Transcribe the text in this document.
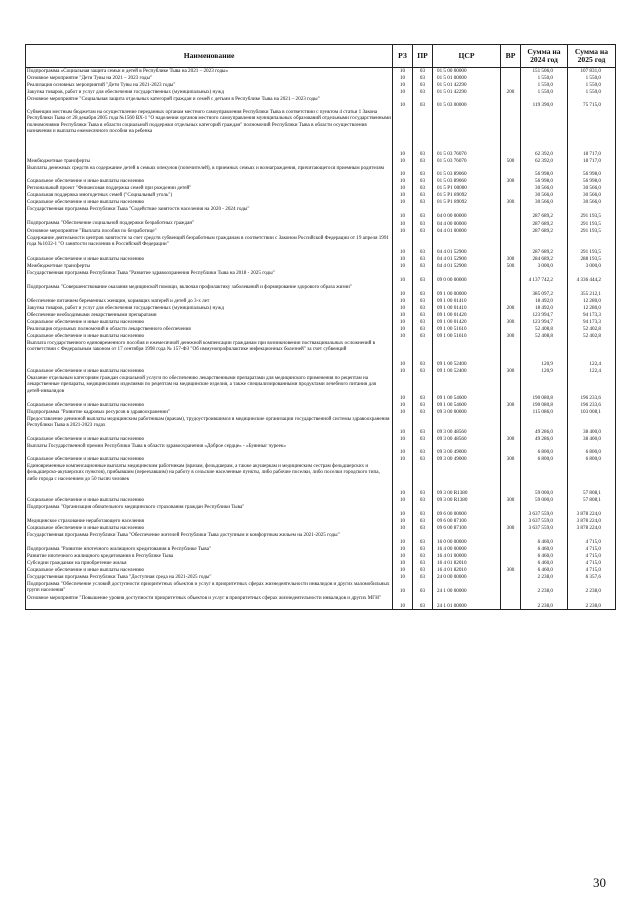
Наименование	РЗ	ПР	ЦСР	ВР	Сумма на 2024 год	Сумма на 2025 год
Подпрограмма «Социальная защита семьи и детей в Республике Тыва на 2021 – 2023 годы»	10	03	01 5 00 00000		151 506,0	107 831,0
Основное мероприятие "Дети Тувы на 2021 – 2023 годы"	10	03	01 5 01 00000		1 550,0	1 550,0
Реализация основных мероприятий "Дети Тувы на 2021-2023 годы"	10	03	01 5 01 42290		1 550,0	1 550,0
Закупка товаров, работ и услуг для обеспечения государственных (муниципальных) нужд	10	03	01 5 01 42290	200	1 550,0	1 550,0
Основное мероприятие "Социальная защита отдельных категорий граждан и семей с детьми в Республике Тыва на 2021 – 2023 годы"	10	03	01 5 03 00000		119 390,0	75 715,0
Субвенции местным бюджетам на осуществление переданных органам местного самоуправления Республики Тыва в соответствии с пунктом 4 статьи 1 Закона Республики Тыва от 28 декабря 2005 года №1560 ВХ-1 "О наделении органов местного самоуправления муниципальных образований отдельными государственными полномочиями Республики Тыва в области социальной поддержки отдельных категорий граждан" полномочий Республики Тыва в области осуществления назначения и выплаты ежемесячного пособия на ребенка	10	03	01 5 03 76070		62 392,0	18 717,0
Межбюджетные трансферты	10	03	01 5 03 76070	500	62 392,0	18 717,0
Выплаты денежных средств на содержание детей в семьях опекунов (попечителей), в приемных семьях и вознаграждения, причитающегося приемным родителям	10	03	01 5 03 89060		56 998,0	56 998,0
Социальное обеспечение и иные выплаты населению	10	03	01 5 03 89060	300	56 998,0	56 998,0
Региональный проект "Финансовая поддержка семей при рождении детей"	10	03	01 5 Р1 00000		30 566,0	30 566,0
Социальная поддержка многодетных семей ("Социальный уголь")	10	03	01 5 Р1 89092		30 566,0	30 566,0
Социальное обеспечение и иные выплаты населению	10	03	01 5 Р1 89092	300	30 566,0	30 566,0
Государственная программа Республики Тыва "Содействие занятости населения на 2020 - 2024 годы"	10	03	04 0 00 00000		287 689,2	291 193,5
Подпрограмма "Обеспечение социальной поддержки безработных граждан"	10	03	04 4 00 00000		287 689,2	291 193,5
Основное мероприятие "Выплата пособия по безработице"	10	03	04 4 01 00000		287 689,2	291 193,5
Содержание деятельности центров занятости за счет средств субвенций безработным гражданам в соответствии с Законом Российской Федерации от 19 апреля 1991 года №1032-1 "О занятости населения в Российской Федерации"	10	03	04 4 01 52900		287 689,2	291 193,5
Социальное обеспечение и иные выплаты населению	10	03	04 4 01 52900	300	284 689,2	288 193,5
Межбюджетные трансферты	10	03	04 4 01 52900	500	3 000,0	3 000,0
Государственная программа Республики Тыва "Развитие здравоохранения Республики Тыва на 2018 - 2025 годы"	10	03	09 0 00 00000		4 137 742,2	4 336 444,2
Подпрограмма "Совершенствование оказания медицинской помощи, включая профилактику заболеваний и формирование здорового образа жизни"	10	03	09 1 00 00000		385 097,2	355 212,1
Обеспечение питанием беременных женщин, кормящих матерей и детей до 3-х лет	10	03	09 1 00 01410		18 492,0	12 280,0
Закупка товаров, работ и услуг для обеспечения государственных (муниципальных) нужд	10	03	09 1 00 01410	200	18 492,0	12 280,0
Обеспечение необходимыми лекарственными препаратами	10	03	09 1 00 01420		123 994,7	94 173,3
Социальное обеспечение и иные выплаты населению	10	03	09 1 00 01420	300	123 994,7	94 173,3
Реализация отдельных полномочий в области лекарственного обеспечения	10	03	09 1 00 51610		52 408,8	52 402,8
Социальное обеспечение и иные выплаты населению	10	03	09 1 00 51610	300	52 408,8	52 402,8
Выплата государственного единовременного пособия и ежемесячной денежной компенсации гражданам при возникновении поствакцинальных осложнений в соответствии с Федеральным законом от 17 сентября 1998 года № 157-ФЗ "Об иммунопрофилактике инфекционных болезней" за счет субвенций	10	03	09 1 00 52400		120,9	122,4
Социальное обеспечение и иные выплаты населению	10	03	09 1 00 52400	300	120,9	122,4
Оказание отдельным категориям граждан социальной услуги по обеспечению лекарственными препаратами для медицинского применения по рецептам на лекарственные препараты, медицинскими изделиями по рецептам на медицинские изделия, а также специализированными продуктами лечебного питания для детей-инвалидов	10	03	09 1 00 54600		190 080,8	196 233,6
Социальное обеспечение и иные выплаты населению	10	03	09 1 00 54600	300	190 080,8	196 233,6
Подпрограмма "Развитие кадровых ресурсов в здравоохранении"	10	03	09 3 00 00000		115 086,0	103 008,1
Предоставление денежной выплаты медицинским работникам (врачам), трудоустроившимся в медицинские организации государственной системы здравоохранения Республики Тыва в 2021-2023 годах	10	03	09 3 00 48560		49 286,0	38 400,0
Социальное обеспечение и иные выплаты населению	10	03	09 3 00 48560	300	49 286,0	38 400,0
Выплаты Государственной премии Республики Тыва в области здравоохранения «Доброе сердце» - «Буянныг чуреек»	10	03	09 3 00 49000		6 800,0	6 800,0
Социальное обеспечение и иные выплаты населению	10	03	09 3 00 49000	300	6 800,0	6 800,0
Единовременные компенсационные выплаты медицинским работникам (врачам, фельдшерам, а также акушеркам и медицинским сестрам фельдшерских и фельдшерско-акушерских пунктов), прибывшим (переехавшим) на работу в сельские населенные пункты, либо рабочие поселки, либо поселки городского типа, либо города с населением до 50 тысяч человек	10	03	09 3 00 R1380		59 000,0	57 808,1
Социальное обеспечение и иные выплаты населению	10	03	09 3 00 R1380	300	59 000,0	57 808,1
Подпрограмма "Организация обязательного медицинского страхования граждан Республики Тыва"	10	03	09 6 00 00000		3 637 559,0	3 878 224,0
Медицинское страхование неработающего населения	10	03	09 6 00 87100		3 637 559,0	3 878 224,0
Социальное обеспечение и иные выплаты населению	10	03	09 6 00 87100	300	3 637 559,0	3 878 224,0
Государственная программа Республики Тыва "Обеспечение жителей Республики Тыва доступным и комфортным жильем на 2021-2025 годы"	10	03	16 0 00 00000		6 460,0	4 715,0
Подпрограмма "Развитие ипотечного жилищного кредитования в Республике Тыва"	10	03	16 4 00 00000		6 460,0	4 715,0
Развитие ипотечного жилищного кредитования в Республике Тыва	10	03	16 4 01 00000		6 460,0	4 715,0
Субсидии гражданам на приобретение жилья	10	03	16 4 01 82010		6 460,0	4 715,0
Социальное обеспечение и иные выплаты населению	10	03	16 4 01 82010	300	6 460,0	4 715,0
Государственная программа Республики Тыва "Доступная среда на 2021-2025 годы"	10	03	24 0 00 00000		2 238,0	6 357,6
Подпрограмма "Обеспечение условий доступности приоритетных объектов и услуг в приоритетных сферах жизнедеятельности инвалидов и других маломобильных групп населения"	10	03	24 1 00 00000		2 238,0	2 238,0
Основное мероприятие "Повышение уровня доступности приоритетных объектов и услуг в приоритетных сферах жизнедеятельности инвалидов и других МГН"	10	03	24 1 01 00000		2 238,0	2 238,0
30
